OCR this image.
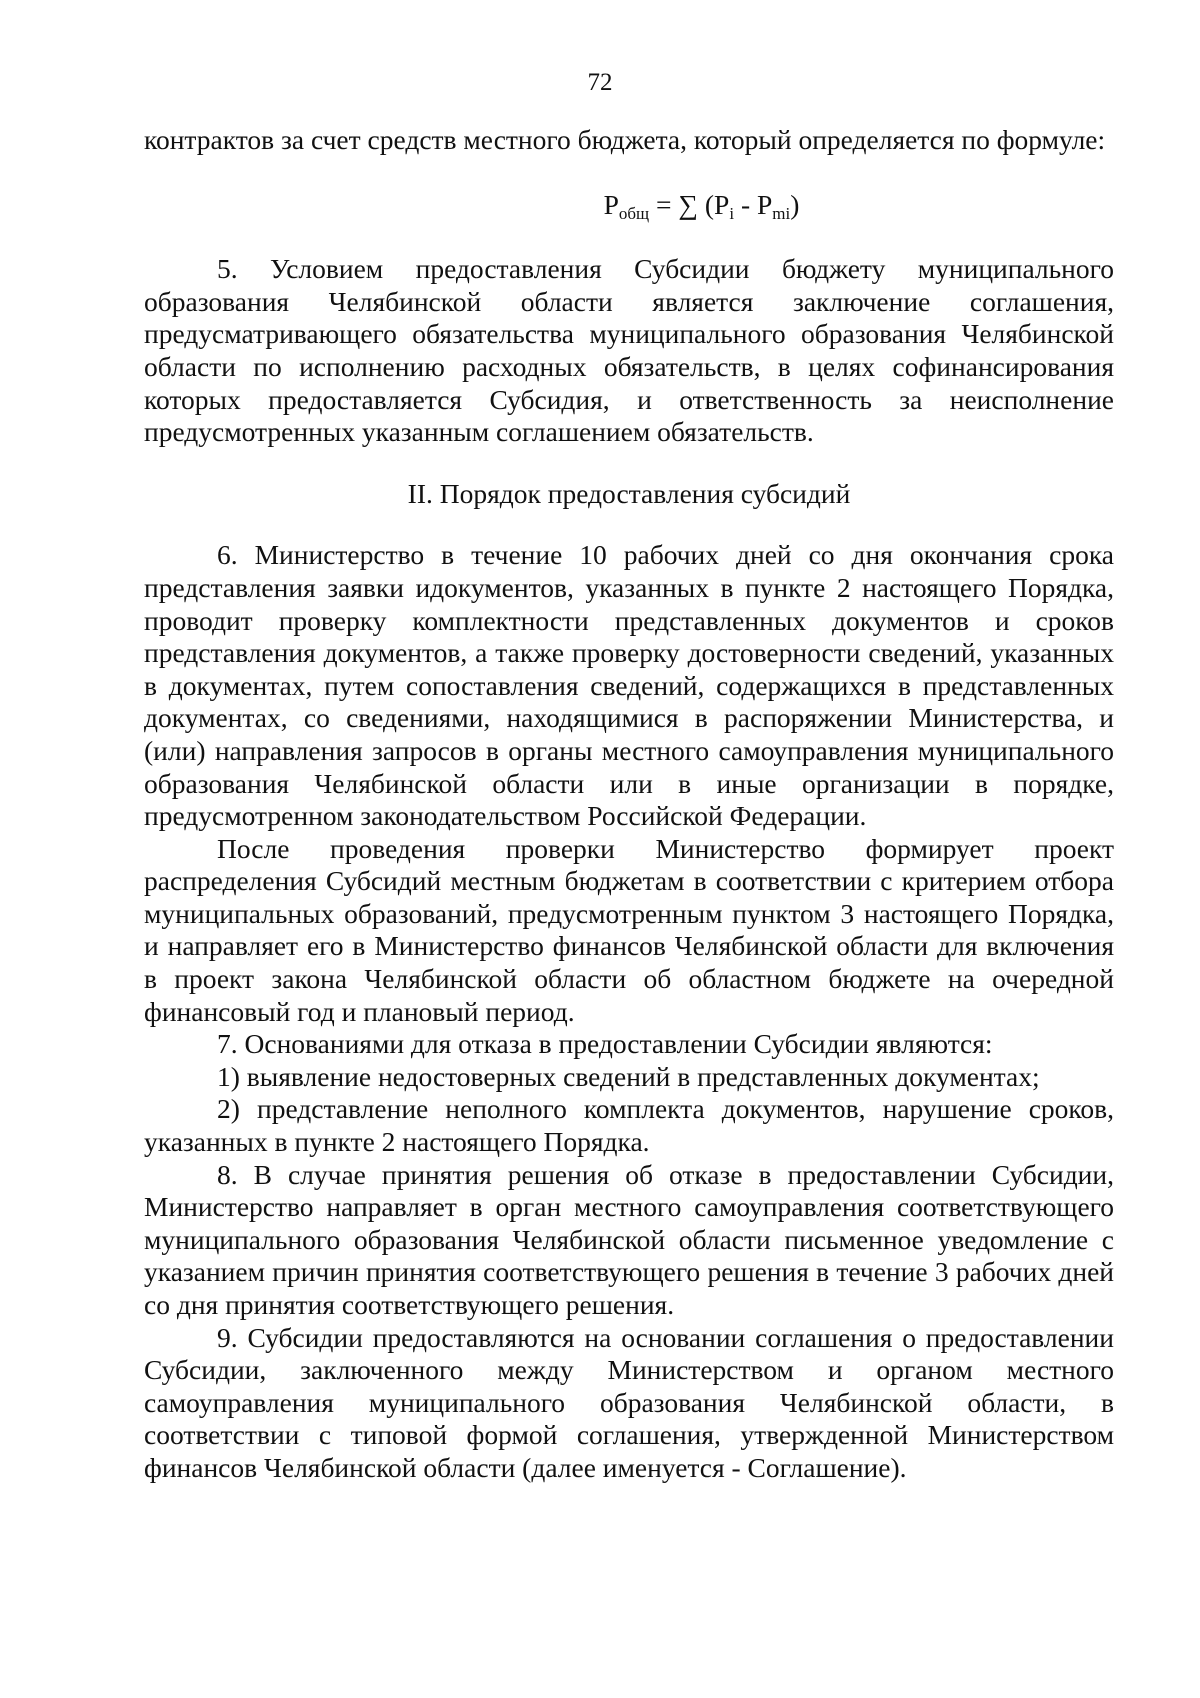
72

контрактов за счет средств местного бюджета, который определяется по формуле:

$P_{общ}$ = ∑ $(P_i - P_{mi})$

5. Условием предоставления Субсидии бюджету муниципального образования Челябинской области является заключение соглашения, предусматривающего обязательства муниципального образования Челябинской области по исполнению расходных обязательств, в целях софинансирования которых предоставляется Субсидия, и ответственность за неисполнение предусмотренных указанным соглашением обязательств.

II. Порядок предоставления субсидий

6. Министерство в течение 10 рабочих дней со дня окончания срока представления заявки идокументов, указанных в пункте 2 настоящего Порядка, проводит проверку комплектности представленных документов и сроков представления документов, а также проверку достоверности сведений, указанных в документах, путем сопоставления сведений, содержащихся в представленных документах, со сведениями, находящимися в распоряжении Министерства, и (или) направления запросов в органы местного самоуправления муниципального образования Челябинской области или в иные организации в порядке, предусмотренном законодательством Российской Федерации.

После проведения проверки Министерство формирует проект распределения Субсидий местным бюджетам в соответствии с критерием отбора муниципальных образований, предусмотренным пунктом 3 настоящего Порядка, и направляет его в Министерство финансов Челябинской области для включения в проект закона Челябинской области об областном бюджете на очередной финансовый год и плановый период.

7. Основаниями для отказа в предоставлении Субсидии являются:

1) выявление недостоверных сведений в представленных документах;

2) представление неполного комплекта документов, нарушение сроков, указанных в пункте 2 настоящего Порядка.

8. В случае принятия решения об отказе в предоставлении Субсидии, Министерство направляет в орган местного самоуправления соответствующего муниципального образования Челябинской области письменное уведомление с указанием причин принятия соответствующего решения в течение 3 рабочих дней со дня принятия соответствующего решения.

9. Субсидии предоставляются на основании соглашения о предоставлении Субсидии, заключенного между Министерством и органом местного самоуправления муниципального образования Челябинской области, в соответствии с типовой формой соглашения, утвержденной Министерством финансов Челябинской области (далее именуется - Соглашение).
